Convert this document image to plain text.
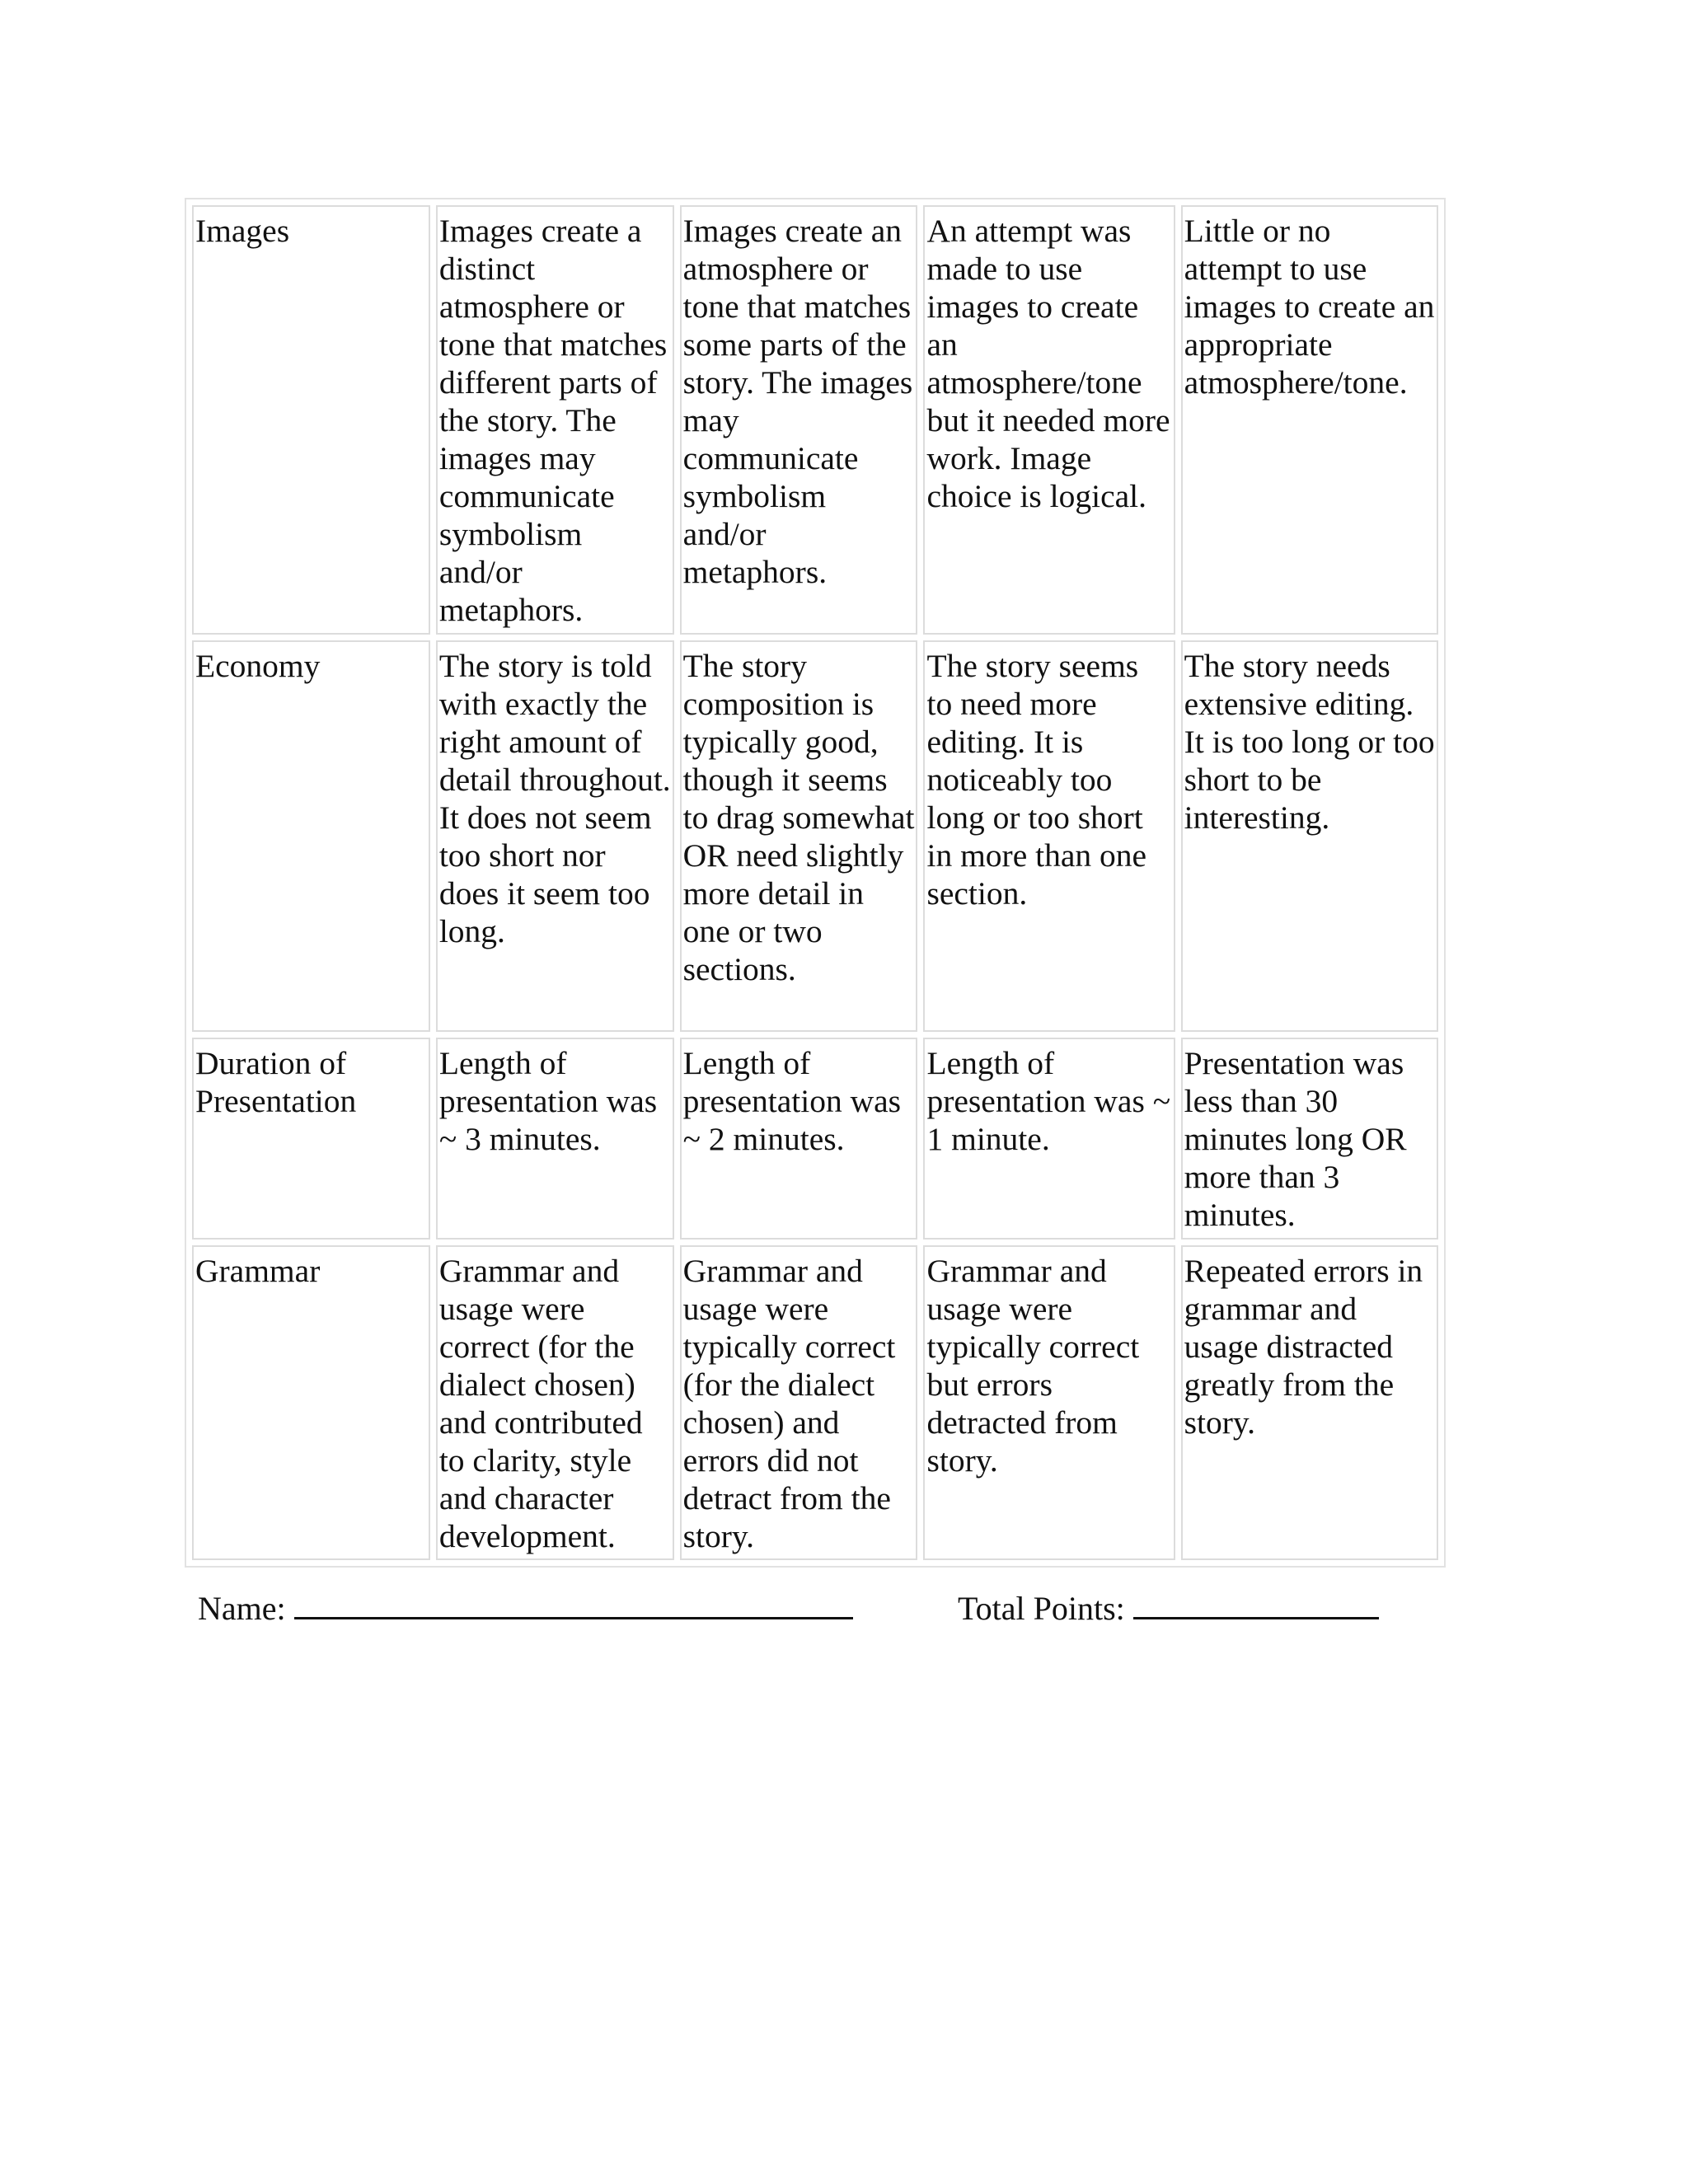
Images	Images create a distinct atmosphere or tone that matches different parts of the story. The images may communicate symbolism and/or metaphors.	Images create an atmosphere or tone that matches some parts of the story. The images may communicate symbolism and/or metaphors.	An attempt was made to use images to create an atmosphere/tone but it needed more work. Image choice is logical.	Little or no attempt to use images to create an appropriate atmosphere/tone.
Economy	The story is told with exactly the right amount of detail throughout. It does not seem too short nor does it seem too long.	The story composition is typically good, though it seems to drag somewhat OR need slightly more detail in one or two sections.	The story seems to need more editing. It is noticeably too long or too short in more than one section.	The story needs extensive editing. It is too long or too short to be interesting.
Duration of Presentation	Length of presentation was ~ 3 minutes.	Length of presentation was ~ 2 minutes.	Length of presentation was ~ 1 minute.	Presentation was less than 30 minutes long OR more than 3 minutes.
Grammar	Grammar and usage were correct (for the dialect chosen) and contributed to clarity, style and character development.	Grammar and usage were typically correct (for the dialect chosen) and errors did not detract from the story.	Grammar and usage were typically correct but errors detracted from story.	Repeated errors in grammar and usage distracted greatly from the story.
Name:	Total Points:
